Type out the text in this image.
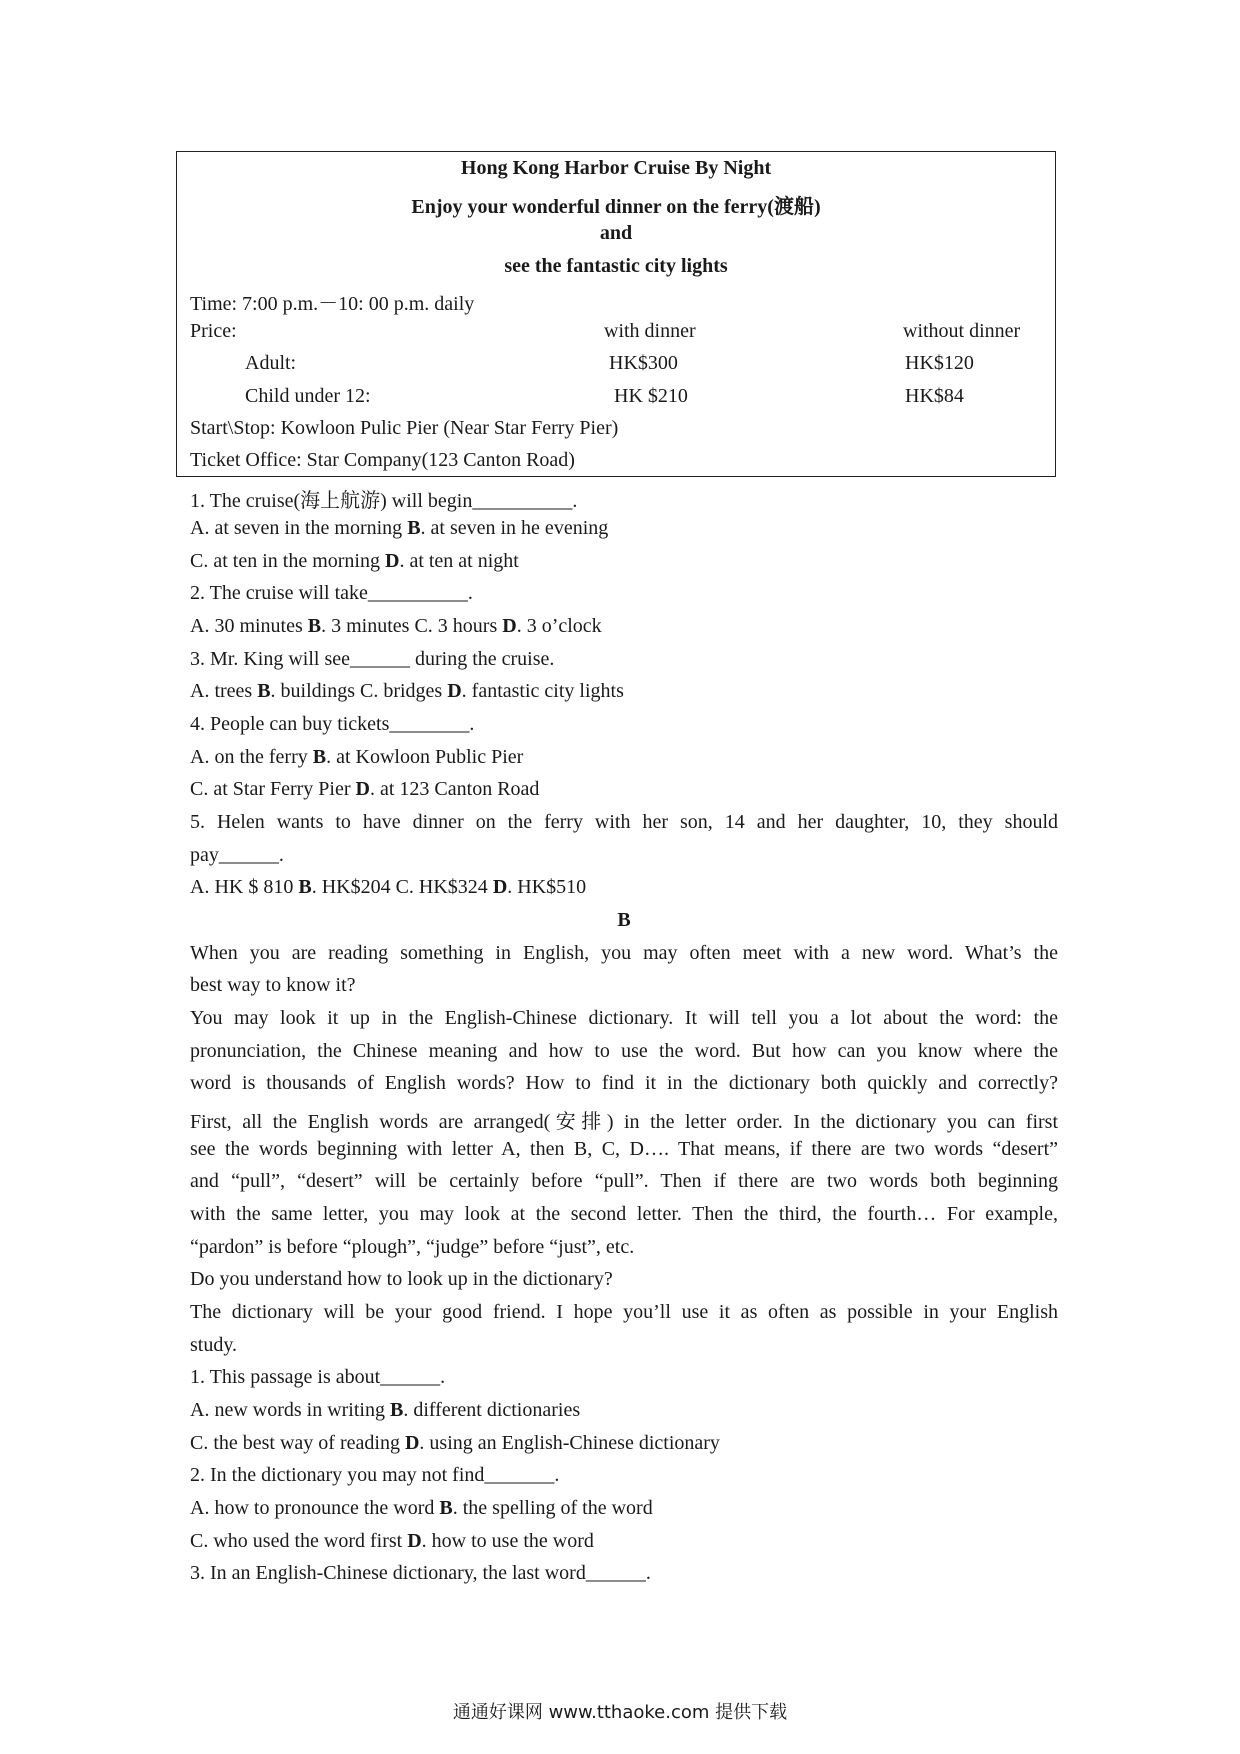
Hong Kong Harbor Cruise By Night
Enjoy your wonderful dinner on the ferry(渡船)
and
see the fantastic city lights
Time: 7:00 p.m.－10: 00 p.m. daily
Price:	with dinner	without dinner
Adult:	HK$300	HK$120
Child under 12:	HK $210	HK$84
Start\Stop: Kowloon Pulic Pier (Near Star Ferry Pier)
Ticket Office: Star Company(123 Canton Road)
1. The cruise(海上航游) will begin__________.
A. at seven in the morning B. at seven in he evening
C. at ten in the morning D. at ten at night
2. The cruise will take__________.
A. 30 minutes B. 3 minutes C. 3 hours D. 3 o’clock
3. Mr. King will see______ during the cruise.
A. trees B. buildings C. bridges D. fantastic city lights
4. People can buy tickets________.
A. on the ferry B. at Kowloon Public Pier
C. at Star Ferry Pier D. at 123 Canton Road
5. Helen wants to have dinner on the ferry with her son, 14 and her daughter, 10, they should
pay______.
A. HK $ 810 B. HK$204 C. HK$324 D. HK$510
B
When you are reading something in English, you may often meet with a new word. What’s the
best way to know it?
You may look it up in the English-Chinese dictionary. It will tell you a lot about the word: the
pronunciation, the Chinese meaning and how to use the word. But how can you know where the
word is thousands of English words? How to find it in the dictionary both quickly and correctly?
First, all the English words are arranged(安排) in the letter order. In the dictionary you can first
see the words beginning with letter A, then B, C, D…. That means, if there are two words “desert”
and “pull”, “desert” will be certainly before “pull”. Then if there are two words both beginning
with the same letter, you may look at the second letter. Then the third, the fourth… For example,
“pardon” is before “plough”, “judge” before “just”, etc.
Do you understand how to look up in the dictionary?
The dictionary will be your good friend. I hope you’ll use it as often as possible in your English
study.
1. This passage is about______.
A. new words in writing B. different dictionaries
C. the best way of reading D. using an English-Chinese dictionary
2. In the dictionary you may not find_______.
A. how to pronounce the word B. the spelling of the word
C. who used the word first D. how to use the word
3. In an English-Chinese dictionary, the last word______.
通通好课网 www.tthaoke.com 提供下载
